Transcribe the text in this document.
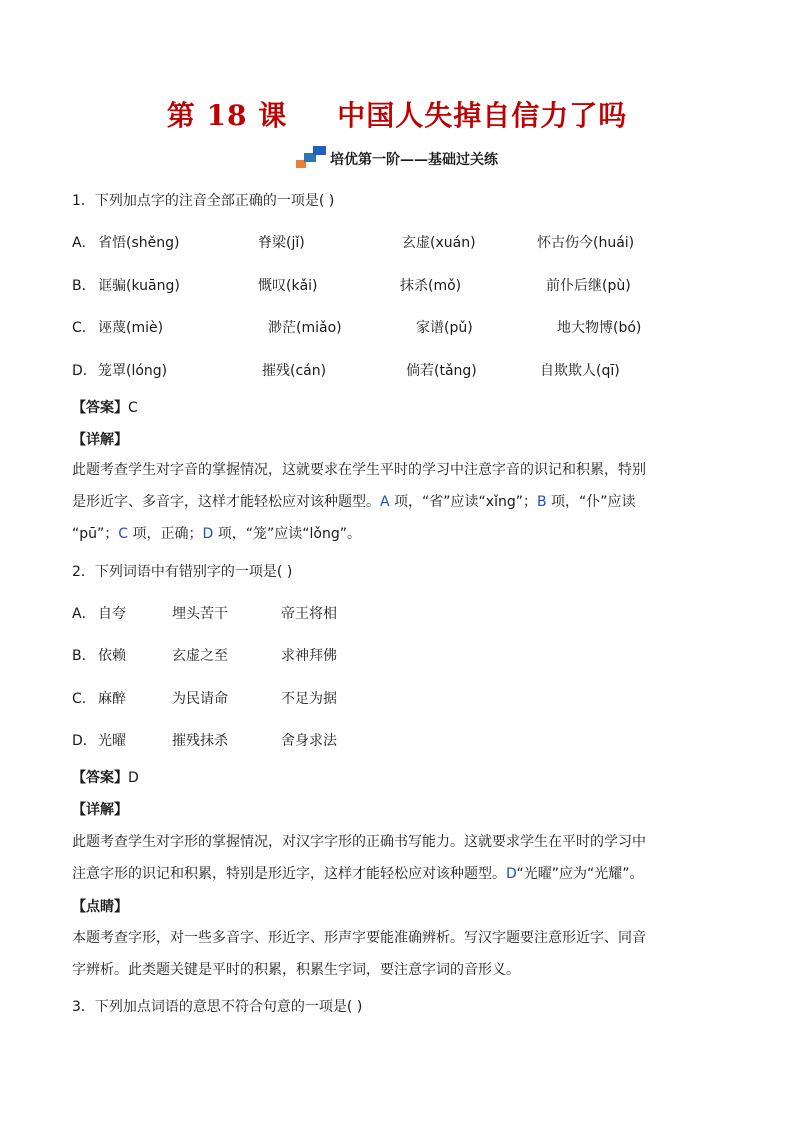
第 18 课 中国人失掉自信力了吗
培优第一阶——基础过关练
1．下列加点字的注音全部正确的一项是( )
A． 省悟(shěng)	脊梁(jǐ)	玄虚(xuán)	怀古伤今(huái)
B． 诓骗(kuāng)	慨叹(kǎi)	抹杀(mǒ)	前仆后继(pù)
C． 诬蔑(miè)	渺茫(miǎo)	家谱(pǔ)	地大物博(bó)
D． 笼罩(lóng)	摧残(cán)	倘若(tǎng)	自欺欺人(qī)
【答案】C
【详解】
此题考查学生对字音的掌握情况，这就要求在学生平时的学习中注意字音的识记和积累，特别
是形近字、多音字，这样才能轻松应对该种题型。A 项，“省”应读“xǐng”；B 项，“仆”应读
“pū”；C 项，正确；D 项，“笼”应读“lǒng”。
2．下列词语中有错别字的一项是( )
A． 自夸	埋头苦干	帝王将相
B． 依赖	玄虚之至	求神拜佛
C． 麻醉	为民请命	不足为据
D． 光曜	摧残抹杀	舍身求法
【答案】D
【详解】
此题考查学生对字形的掌握情况，对汉字字形的正确书写能力。这就要求学生在平时的学习中
注意字形的识记和积累，特别是形近字，这样才能轻松应对该种题型。D“光曜”应为“光耀”。
【点睛】
本题考查字形，对一些多音字、形近字、形声字要能准确辨析。写汉字题要注意形近字、同音
字辨析。此类题关键是平时的积累，积累生字词，要注意字词的音形义。
3．下列加点词语的意思不符合句意的一项是( )
